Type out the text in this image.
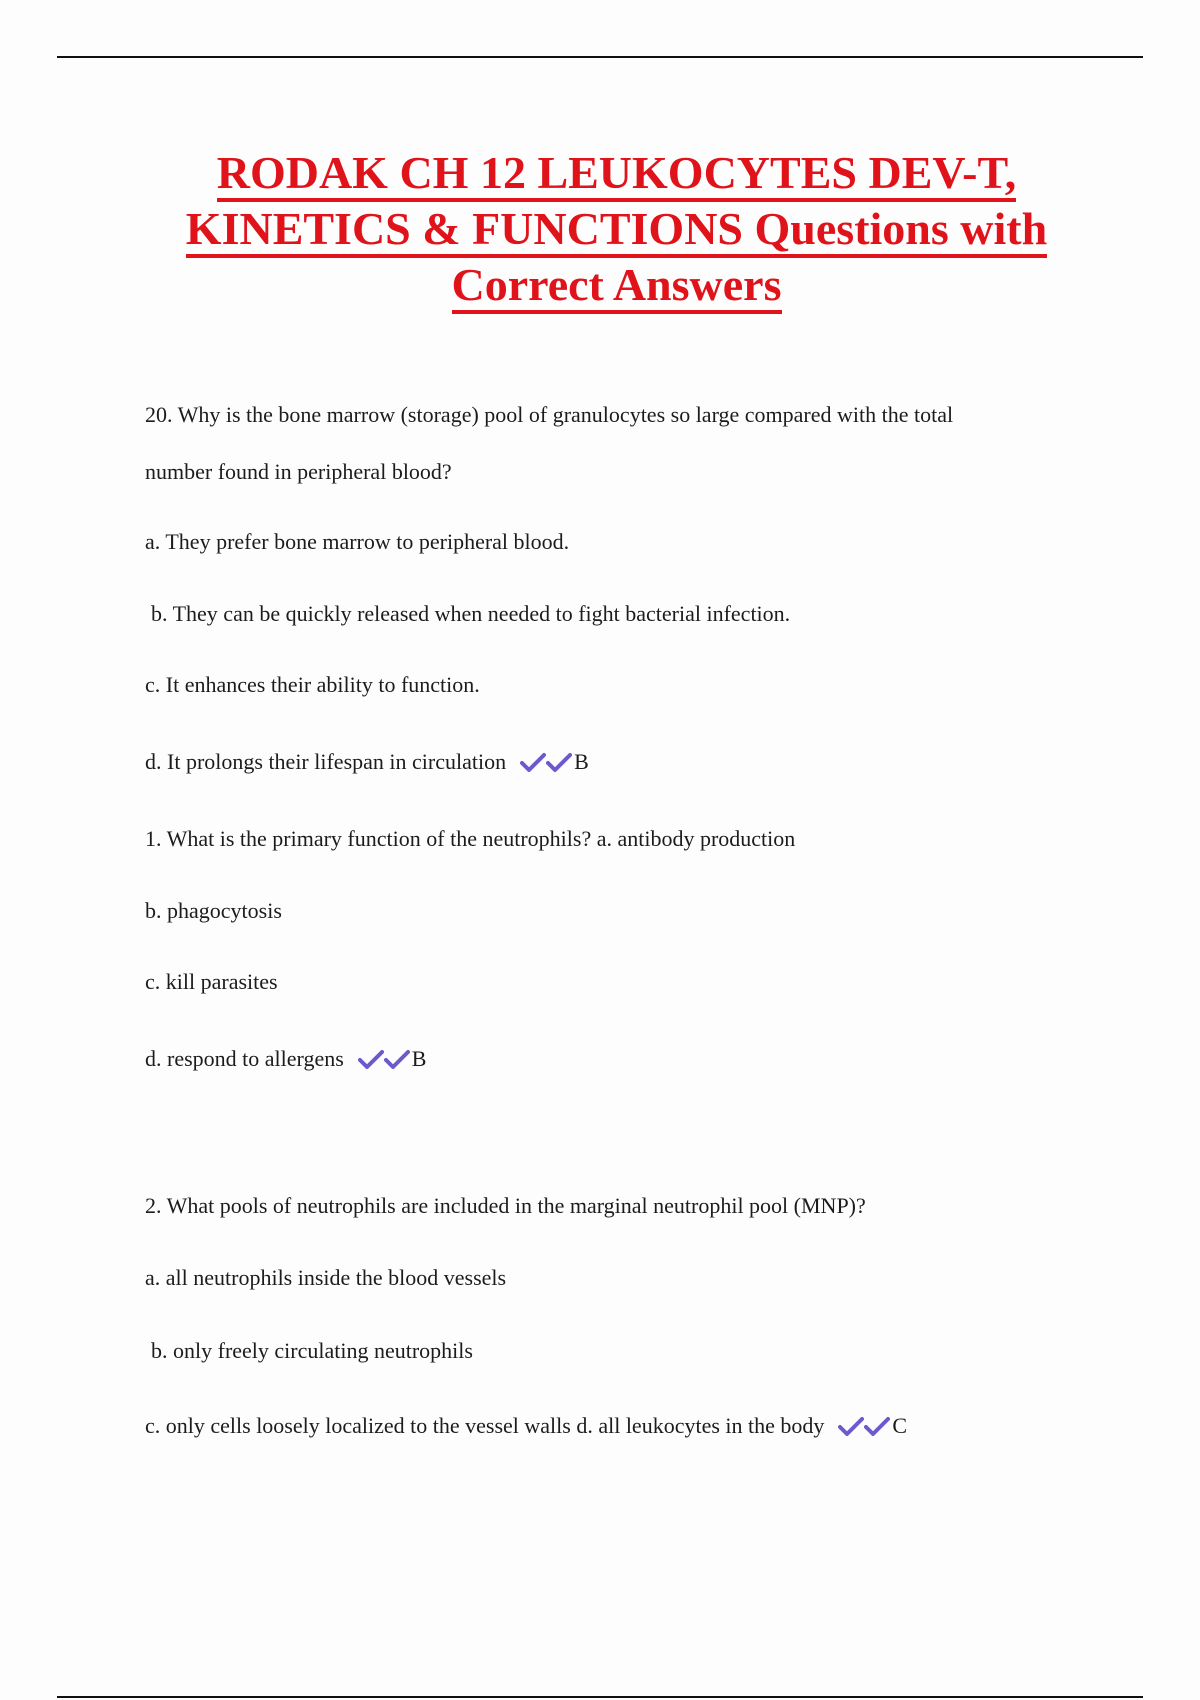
RODAK CH 12 LEUKOCYTES DEV-T,
KINETICS & FUNCTIONS Questions with
Correct Answers
20. Why is the bone marrow (storage) pool of granulocytes so large compared with the total
number found in peripheral blood?
a. They prefer bone marrow to peripheral blood.
b. They can be quickly released when needed to fight bacterial infection.
c. It enhances their ability to function.
d. It prolongs their lifespan in circulation	B
1. What is the primary function of the neutrophils? a. antibody production
b. phagocytosis
c. kill parasites
d. respond to allergens	B
2. What pools of neutrophils are included in the marginal neutrophil pool (MNP)?
a. all neutrophils inside the blood vessels
b. only freely circulating neutrophils
c. only cells loosely localized to the vessel walls d. all leukocytes in the body	C
